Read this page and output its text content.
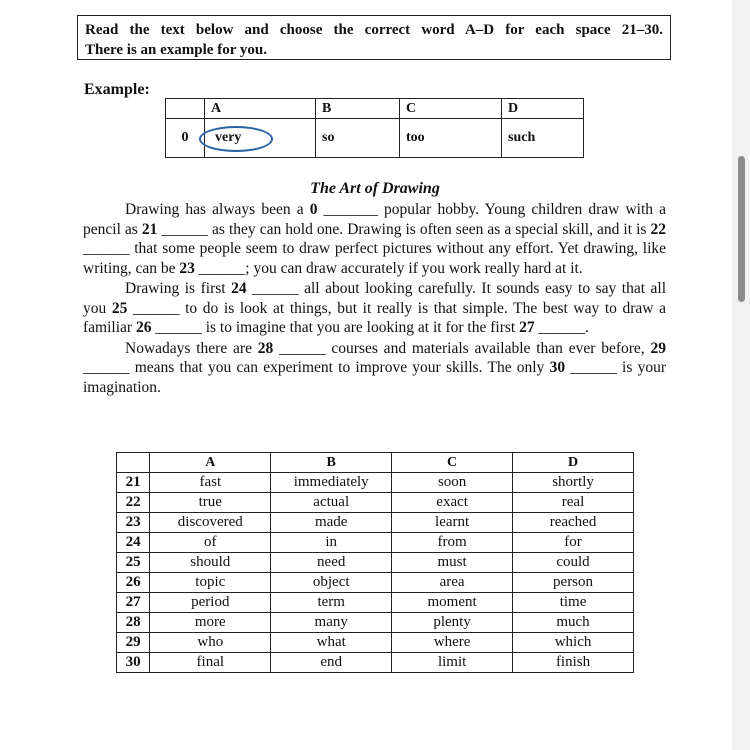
Read the text below and choose the correct word A–D for each space 21–30.
There is an example for you.
Example:
	A	B	C	D
0	very	so	too	such
The Art of Drawing

Drawing has always been a 0 _______ popular hobby. Young children draw with a pencil as 21 ______ as they can hold one. Drawing is often seen as a special skill, and it is 22 ______ that some people seem to draw perfect pictures without any effort. Yet drawing, like writing, can be 23 ______; you can draw accurately if you work really hard at it.

Drawing is first 24 ______ all about looking carefully. It sounds easy to say that all you 25 ______ to do is look at things, but it really is that simple. The best way to draw a familiar 26 ______ is to imagine that you are looking at it for the first 27 ______.

Nowadays there are 28 ______ courses and materials available than ever before, 29 ______ means that you can experiment to improve your skills. The only 30 ______ is your imagination.

	A	B	C	D
21	fast	immediately	soon	shortly
22	true	actual	exact	real
23	discovered	made	learnt	reached
24	of	in	from	for
25	should	need	must	could
26	topic	object	area	person
27	period	term	moment	time
28	more	many	plenty	much
29	who	what	where	which
30	final	end	limit	finish
